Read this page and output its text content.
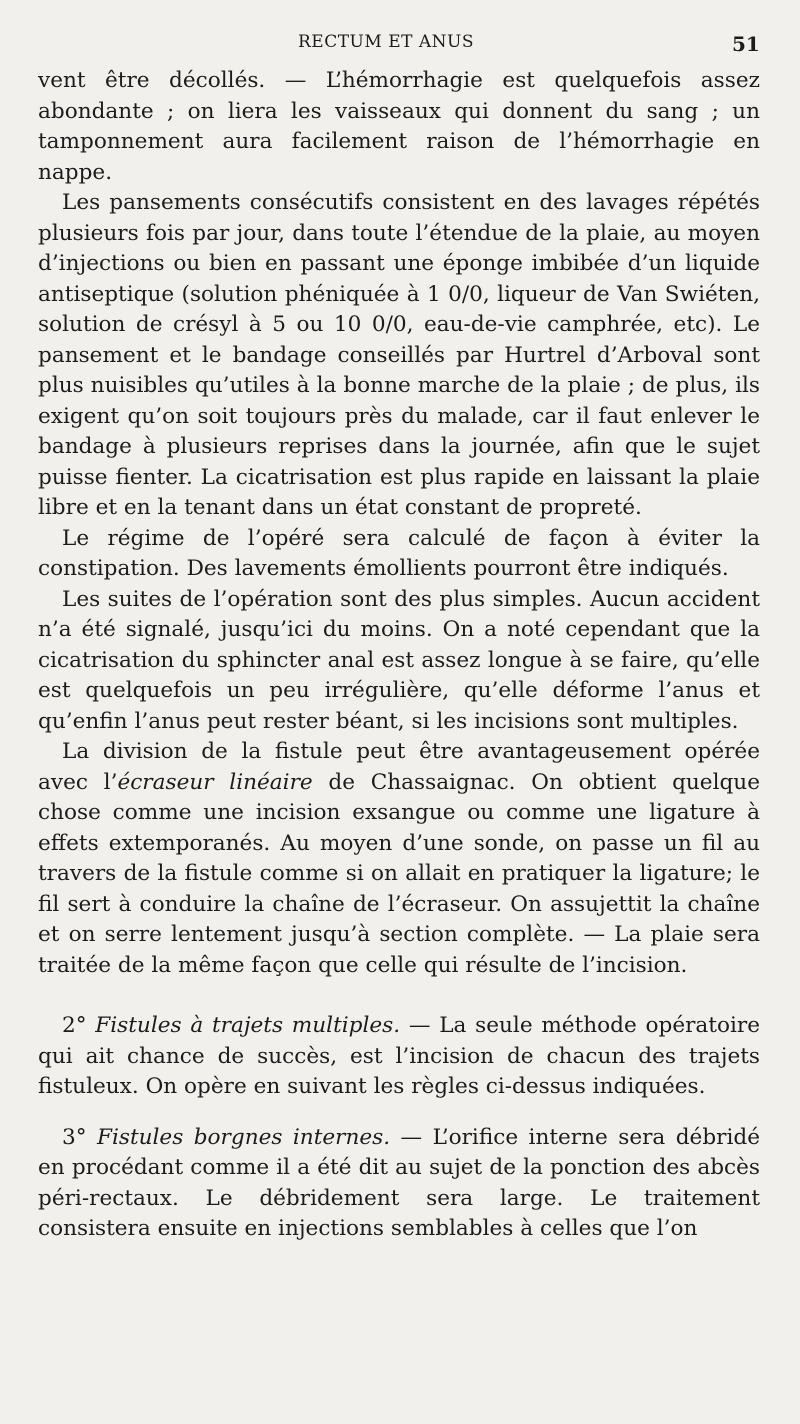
RECTUM ET ANUS	51

vent être décollés. — L’hémorrhagie est quelquefois assez abondante ; on liera les vaisseaux qui donnent du sang ; un tamponnement aura facilement raison de l’hémorrhagie en nappe.

Les pansements consécutifs consistent en des lavages répétés plusieurs fois par jour, dans toute l’étendue de la plaie, au moyen d’injections ou bien en passant une éponge imbibée d’un liquide antiseptique (solution phéniquée à 1 0/0, liqueur de Van Swiéten, solution de crésyl à 5 ou 10 0/0, eau-de-vie camphrée, etc). Le pansement et le bandage conseillés par Hurtrel d’Arboval sont plus nuisibles qu’utiles à la bonne marche de la plaie ; de plus, ils exigent qu’on soit toujours près du malade, car il faut enlever le bandage à plusieurs reprises dans la journée, afin que le sujet puisse fienter. La cicatrisation est plus rapide en laissant la plaie libre et en la tenant dans un état constant de propreté.

Le régime de l’opéré sera calculé de façon à éviter la constipation. Des lavements émollients pourront être indiqués.

Les suites de l’opération sont des plus simples. Aucun accident n’a été signalé, jusqu’ici du moins. On a noté cependant que la cicatrisation du sphincter anal est assez longue à se faire, qu’elle est quelquefois un peu irrégulière, qu’elle déforme l’anus et qu’enfin l’anus peut rester béant, si les incisions sont multiples.

La division de la fistule peut être avantageusement opérée avec l’écraseur linéaire de Chassaignac. On obtient quelque chose comme une incision exsangue ou comme une ligature à effets extemporanés. Au moyen d’une sonde, on passe un fil au travers de la fistule comme si on allait en pratiquer la ligature; le fil sert à conduire la chaîne de l’écraseur. On assujettit la chaîne et on serre lentement jusqu’à section complète. — La plaie sera traitée de la même façon que celle qui résulte de l’incision.

2° Fistules à trajets multiples. — La seule méthode opératoire qui ait chance de succès, est l’incision de chacun des trajets fistuleux. On opère en suivant les règles ci-dessus indiquées.

3° Fistules borgnes internes. — L’orifice interne sera débridé en procédant comme il a été dit au sujet de la ponction des abcès péri-rectaux. Le débridement sera large. Le traitement consistera ensuite en injections semblables à celles que l’on
